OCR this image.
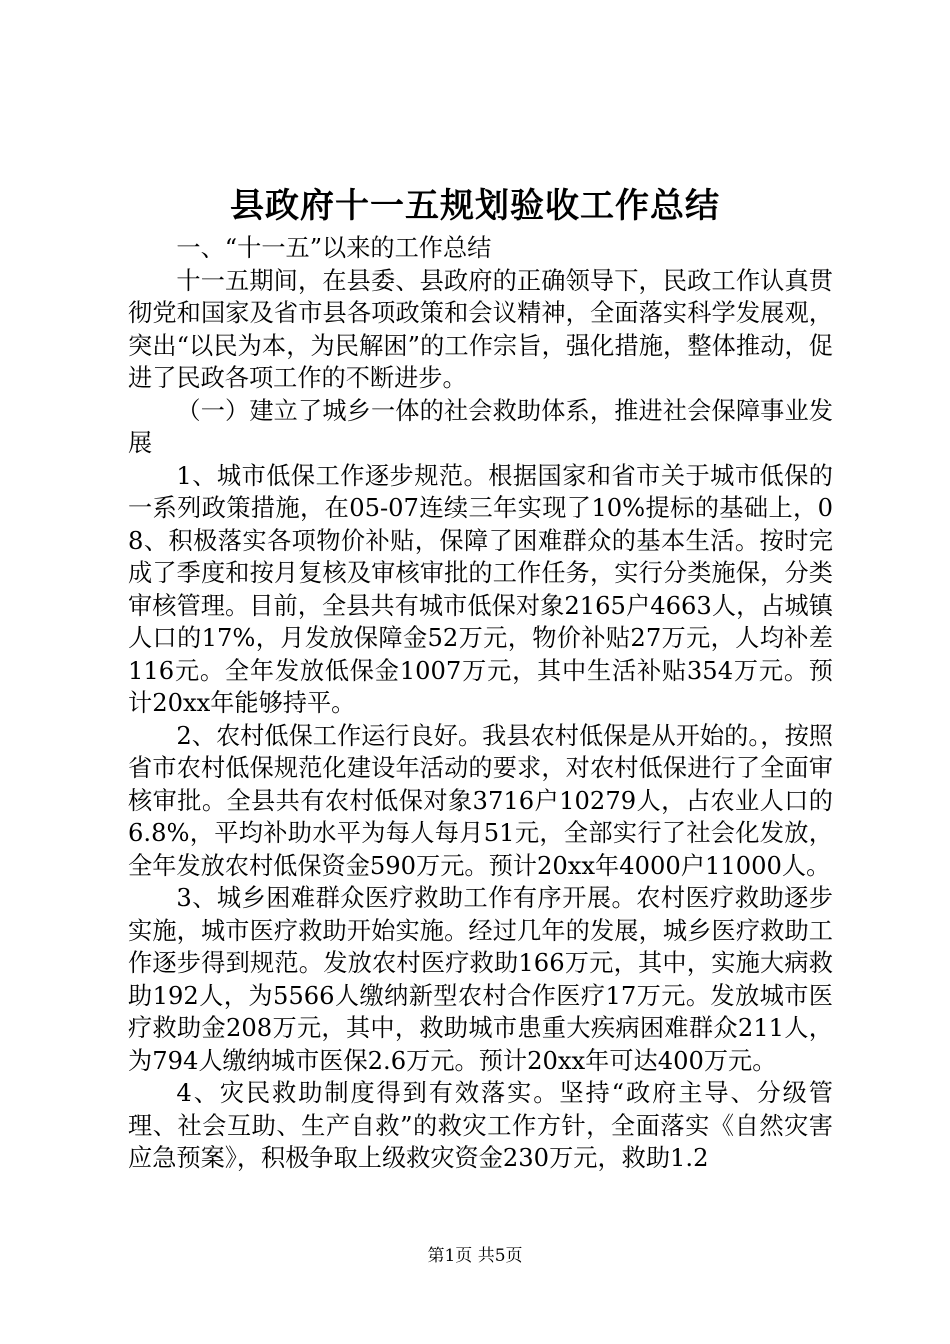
县政府十一五规划验收工作总结

一、“十一五”以来的工作总结

十一五期间，在县委、县政府的正确领导下，民政工作认真贯彻党和国家及省市县各项政策和会议精神，全面落实科学发展观，突出“以民为本，为民解困”的工作宗旨，强化措施，整体推动，促进了民政各项工作的不断进步。

（一）建立了城乡一体的社会救助体系，推进社会保障事业发展

1、城市低保工作逐步规范。根据国家和省市关于城市低保的一系列政策措施，在05-07连续三年实现了10%提标的基础上，08、积极落实各项物价补贴，保障了困难群众的基本生活。按时完成了季度和按月复核及审核审批的工作任务，实行分类施保，分类审核管理。目前，全县共有城市低保对象2165户4663人，占城镇人口的17%，月发放保障金52万元，物价补贴27万元，人均补差116元。全年发放低保金1007万元，其中生活补贴354万元。预计20xx年能够持平。

2、农村低保工作运行良好。我县农村低保是从开始的。，按照省市农村低保规范化建设年活动的要求，对农村低保进行了全面审核审批。全县共有农村低保对象3716户10279人，占农业人口的6.8%，平均补助水平为每人每月51元，全部实行了社会化发放，全年发放农村低保资金590万元。预计20xx年4000户11000人。

3、城乡困难群众医疗救助工作有序开展。农村医疗救助逐步实施，城市医疗救助开始实施。经过几年的发展，城乡医疗救助工作逐步得到规范。发放农村医疗救助166万元，其中，实施大病救助192人，为5566人缴纳新型农村合作医疗17万元。发放城市医疗救助金208万元，其中，救助城市患重大疾病困难群众211人，为794人缴纳城市医保2.6万元。预计20xx年可达400万元。

4、灾民救助制度得到有效落实。坚持“政府主导、分级管理、社会互助、生产自救”的救灾工作方针，全面落实《自然灾害应急预案》，积极争取上级救灾资金230万元，救助1.2

第1页 共5页
